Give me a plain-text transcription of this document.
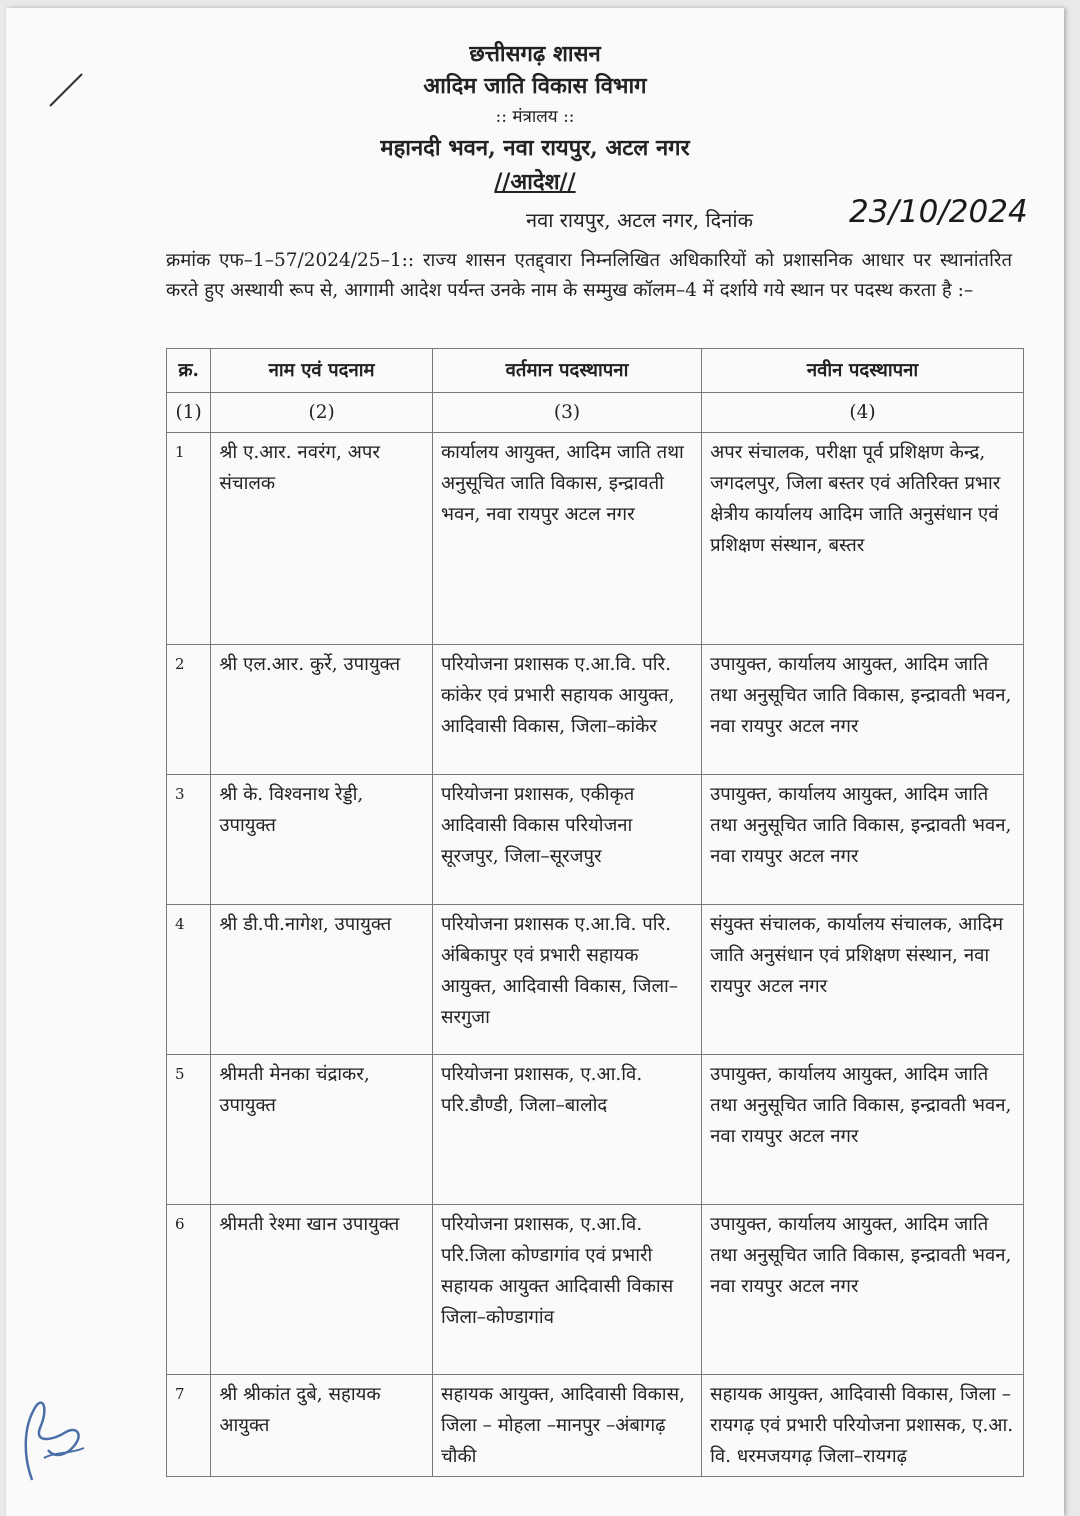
छत्तीसगढ़ शासन
आदिम जाति विकास विभाग
:: मंत्रालय ::
महानदी भवन, नवा रायपुर, अटल नगर
//आदेश//
नवा रायपुर, अटल नगर, दिनांक	23/10/2024
क्रमांक एफ–1–57/2024/25–1:: राज्य शासन एतद्द्वारा निम्नलिखित अधिकारियों को प्रशासनिक आधार पर स्थानांतरित करते हुए अस्थायी रूप से, आगामी आदेश पर्यन्त उनके नाम के सम्मुख कॉलम–4 में दर्शाये गये स्थान पर पदस्थ करता है :–
क्र.	नाम एवं पदनाम	वर्तमान पदस्थापना	नवीन पदस्थापना
(1)	(2)	(3)	(4)
1	श्री ए.आर. नवरंग, अपर संचालक	कार्यालय आयुक्त, आदिम जाति तथा अनुसूचित जाति विकास, इन्द्रावती भवन, नवा रायपुर अटल नगर	अपर संचालक, परीक्षा पूर्व प्रशिक्षण केन्द्र, जगदलपुर, जिला बस्तर एवं अतिरिक्त प्रभार क्षेत्रीय कार्यालय आदिम जाति अनुसंधान एवं प्रशिक्षण संस्थान, बस्तर
2	श्री एल.आर. कुर्रे, उपायुक्त	परियोजना प्रशासक ए.आ.वि. परि. कांकेर एवं प्रभारी सहायक आयुक्त, आदिवासी विकास, जिला–कांकेर	उपायुक्त, कार्यालय आयुक्त, आदिम जाति तथा अनुसूचित जाति विकास, इन्द्रावती भवन, नवा रायपुर अटल नगर
3	श्री के. विश्वनाथ रेड्डी, उपायुक्त	परियोजना प्रशासक, एकीकृत आदिवासी विकास परियोजना सूरजपुर, जिला–सूरजपुर	उपायुक्त, कार्यालय आयुक्त, आदिम जाति तथा अनुसूचित जाति विकास, इन्द्रावती भवन, नवा रायपुर अटल नगर
4	श्री डी.पी.नागेश, उपायुक्त	परियोजना प्रशासक ए.आ.वि. परि. अंबिकापुर एवं प्रभारी सहायक आयुक्त, आदिवासी विकास, जिला–सरगुजा	संयुक्त संचालक, कार्यालय संचालक, आदिम जाति अनुसंधान एवं प्रशिक्षण संस्थान, नवा रायपुर अटल नगर
5	श्रीमती मेनका चंद्राकर, उपायुक्त	परियोजना प्रशासक, ए.आ.वि. परि.डौण्डी, जिला–बालोद	उपायुक्त, कार्यालय आयुक्त, आदिम जाति तथा अनुसूचित जाति विकास, इन्द्रावती भवन, नवा रायपुर अटल नगर
6	श्रीमती रेश्मा खान उपायुक्त	परियोजना प्रशासक, ए.आ.वि. परि.जिला कोण्डागांव एवं प्रभारी सहायक आयुक्त आदिवासी विकास जिला–कोण्डागांव	उपायुक्त, कार्यालय आयुक्त, आदिम जाति तथा अनुसूचित जाति विकास, इन्द्रावती भवन, नवा रायपुर अटल नगर
7	श्री श्रीकांत दुबे, सहायक आयुक्त	सहायक आयुक्त, आदिवासी विकास, जिला – मोहला –मानपुर –अंबागढ़ चौकी	सहायक आयुक्त, आदिवासी विकास, जिला – रायगढ़ एवं प्रभारी परियोजना प्रशासक, ए.आ. वि. धरमजयगढ़ जिला–रायगढ़
